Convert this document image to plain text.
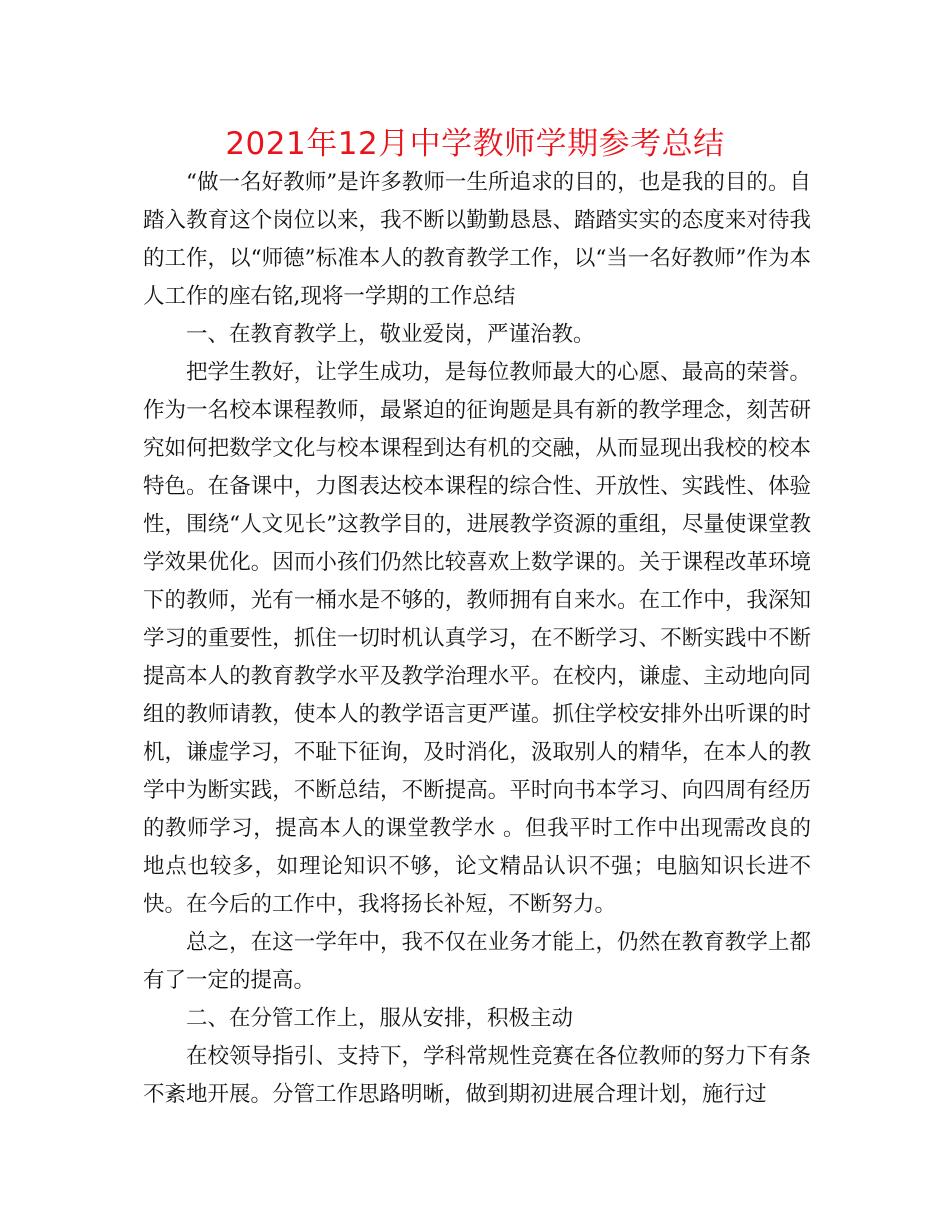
2021年12月中学教师学期参考总结

“做一名好教师”是许多教师一生所追求的目的，也是我的目的。自踏入教育这个岗位以来，我不断以勤勤恳恳、踏踏实实的态度来对待我的工作，以“师德”标准本人的教育教学工作，以“当一名好教师”作为本人工作的座右铭,现将一学期的工作总结

一、在教育教学上，敬业爱岗，严谨治教。

把学生教好，让学生成功，是每位教师最大的心愿、最高的荣誉。作为一名校本课程教师，最紧迫的征询题是具有新的教学理念，刻苦研究如何把数学文化与校本课程到达有机的交融，从而显现出我校的校本特色。在备课中，力图表达校本课程的综合性、开放性、实践性、体验性，围绕“人文见长”这教学目的，进展教学资源的重组，尽量使课堂教学效果优化。因而小孩们仍然比较喜欢上数学课的。关于课程改革环境下的教师，光有一桶水是不够的，教师拥有自来水。在工作中，我深知学习的重要性，抓住一切时机认真学习，在不断学习、不断实践中不断提高本人的教育教学水平及教学治理水平。在校内，谦虚、主动地向同组的教师请教，使本人的教学语言更严谨。抓住学校安排外出听课的时机，谦虚学习，不耻下征询，及时消化，汲取别人的精华，在本人的教学中为断实践，不断总结，不断提高。平时向书本学习、向四周有经历的教师学习，提高本人的课堂教学水 。但我平时工作中出现需改良的地点也较多，如理论知识不够，论文精品认识不强；电脑知识长进不快。在今后的工作中，我将扬长补短，不断努力。

总之，在这一学年中，我不仅在业务才能上，仍然在教育教学上都有了一定的提高。

二、在分管工作上，服从安排，积极主动

在校领导指引、支持下，学科常规性竞赛在各位教师的努力下有条不紊地开展。分管工作思路明晰，做到期初进展合理计划，施行过
